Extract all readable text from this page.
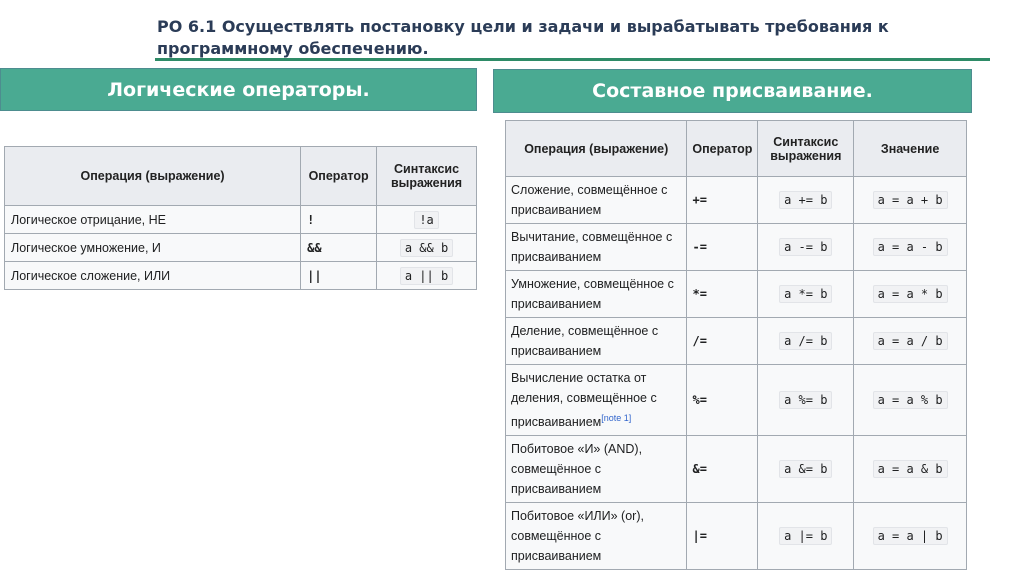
РО 6.1 Осуществлять постановку цели и задачи и вырабатывать требования к программному обеспечению.
Логические операторы.	Составное присваивание.
Операция (выражение)	Оператор	Синтаксис выражения
Логическое отрицание, НЕ	!	!a
Логическое умножение, И	&&	a && b
Логическое сложение, ИЛИ	||	a || b
Операция (выражение)	Оператор	Синтаксис выражения	Значение
Сложение, совмещённое с присваиванием	+=	a += b	a = a + b
Вычитание, совмещённое с присваиванием	-=	a -= b	a = a - b
Умножение, совмещённое с присваиванием	*=	a *= b	a = a * b
Деление, совмещённое с присваиванием	/=	a /= b	a = a / b
Вычисление остатка от деления, совмещённое с присваиванием[note 1]	%=	a %= b	a = a % b
Побитовое «И» (AND), совмещённое с присваиванием	&=	a &= b	a = a & b
Побитовое «ИЛИ» (or), совмещённое с присваиванием	|=	a |= b	a = a | b
